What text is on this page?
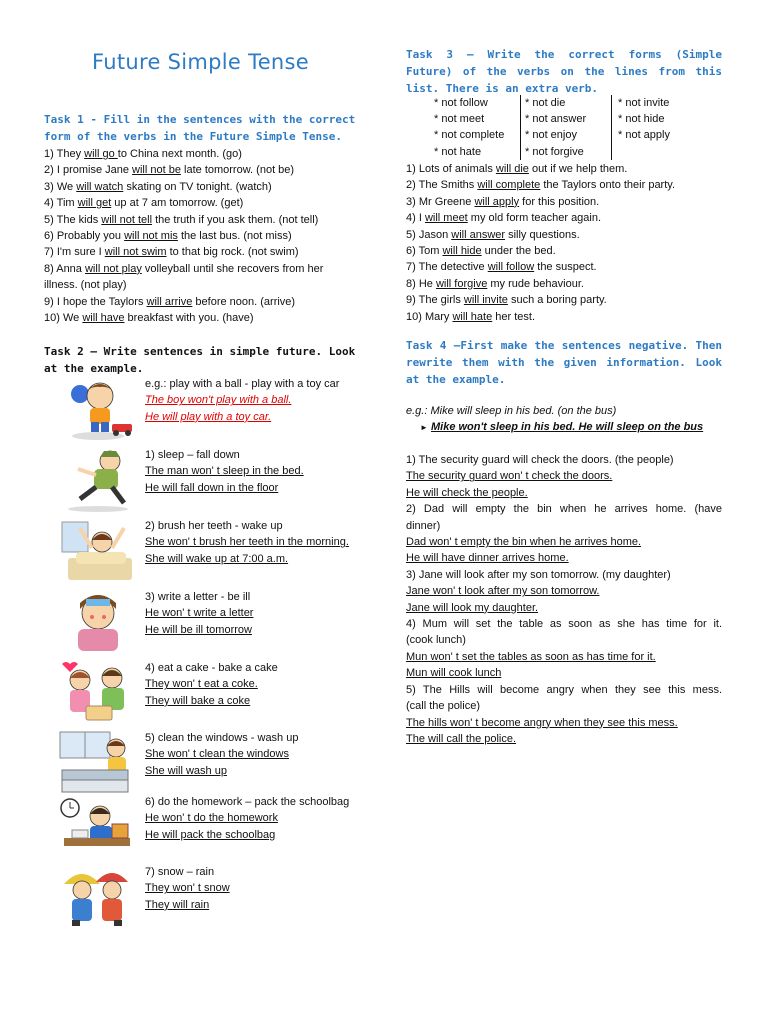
Future Simple Tense
Task 1 - Fill in the sentences with the correct form of the verbs in the Future Simple Tense.
1) They will go to China next month. (go)
2) I promise Jane will not be late tomorrow. (not be)
3) We will watch skating on TV tonight. (watch)
4) Tim will get up at 7 am tomorrow. (get)
5) The kids will not tell the truth if you ask them. (not tell)
6) Probably you will not mis the last bus. (not miss)
7) I'm sure I will not swim to that big rock. (not swim)
8) Anna will not play volleyball until she recovers from her
illness. (not play)
9) I hope the Taylors will arrive before noon. (arrive)
10) We will have breakfast with you. (have)
Task 2 – Write sentences in simple future. Look at the example.
e.g.: play with a ball - play with a toy car
The boy won't play with a ball.
He will play with a toy car.
1) sleep – fall down
The man won' t sleep in the bed.
He will fall down in the floor
2) brush her teeth - wake up
She won' t brush her teeth in the morning.
She will wake up at 7:00 a.m.
3) write a letter - be ill
He won' t write a letter
He will be ill tomorrow
4) eat a cake - bake a cake
They won' t eat a coke.
They will bake a coke
5) clean the windows - wash up
She won' t clean the windows
She will wash up
6) do the homework – pack the schoolbag
He won' t do the homework
He will pack the schoolbag
7) snow – rain
They won' t snow
They will rain
Task 3 – Write the correct forms (Simple Future) of the verbs on the lines from this list. There is an extra verb.
* not follow	* not die	* not invite
* not meet	* not answer	* not hide
* not complete	* not enjoy	* not apply
* not hate	* not forgive	
1) Lots of animals will die out if we help them.
2) The Smiths will complete the Taylors onto their party.
3) Mr Greene will apply for this position.
4) I will meet my old form teacher again.
5) Jason will answer silly questions.
6) Tom will hide under the bed.
7) The detective will follow the suspect.
8) He will forgive my rude behaviour.
9) The girls will invite such a boring party.
10) Mary will hate her test.
Task 4 –First make the sentences negative. Then rewrite them with the given information. Look at the example.
e.g.: Mike will sleep in his bed. (on the bus)
► Mike won't sleep in his bed. He will sleep on the bus
1) The security guard will check the doors. (the people)
The security guard won' t check the doors.
He will check the people.
2) Dad will empty the bin when he arrives home. (have
dinner)
Dad won' t empty the bin when he arrives home.
He will have dinner arrives home.
3) Jane will look after my son tomorrow. (my daughter)
Jane won' t look after my son tomorrow.
Jane will look my daughter.
4) Mum will set the table as soon as she has time for it.
(cook lunch)
Mun won' t set the tables as soon as has time for it.
Mun will cook lunch
5) The Hills will become angry when they see this mess.
(call the police)
The hills won' t become angry when they see this mess.
The will call the police.
